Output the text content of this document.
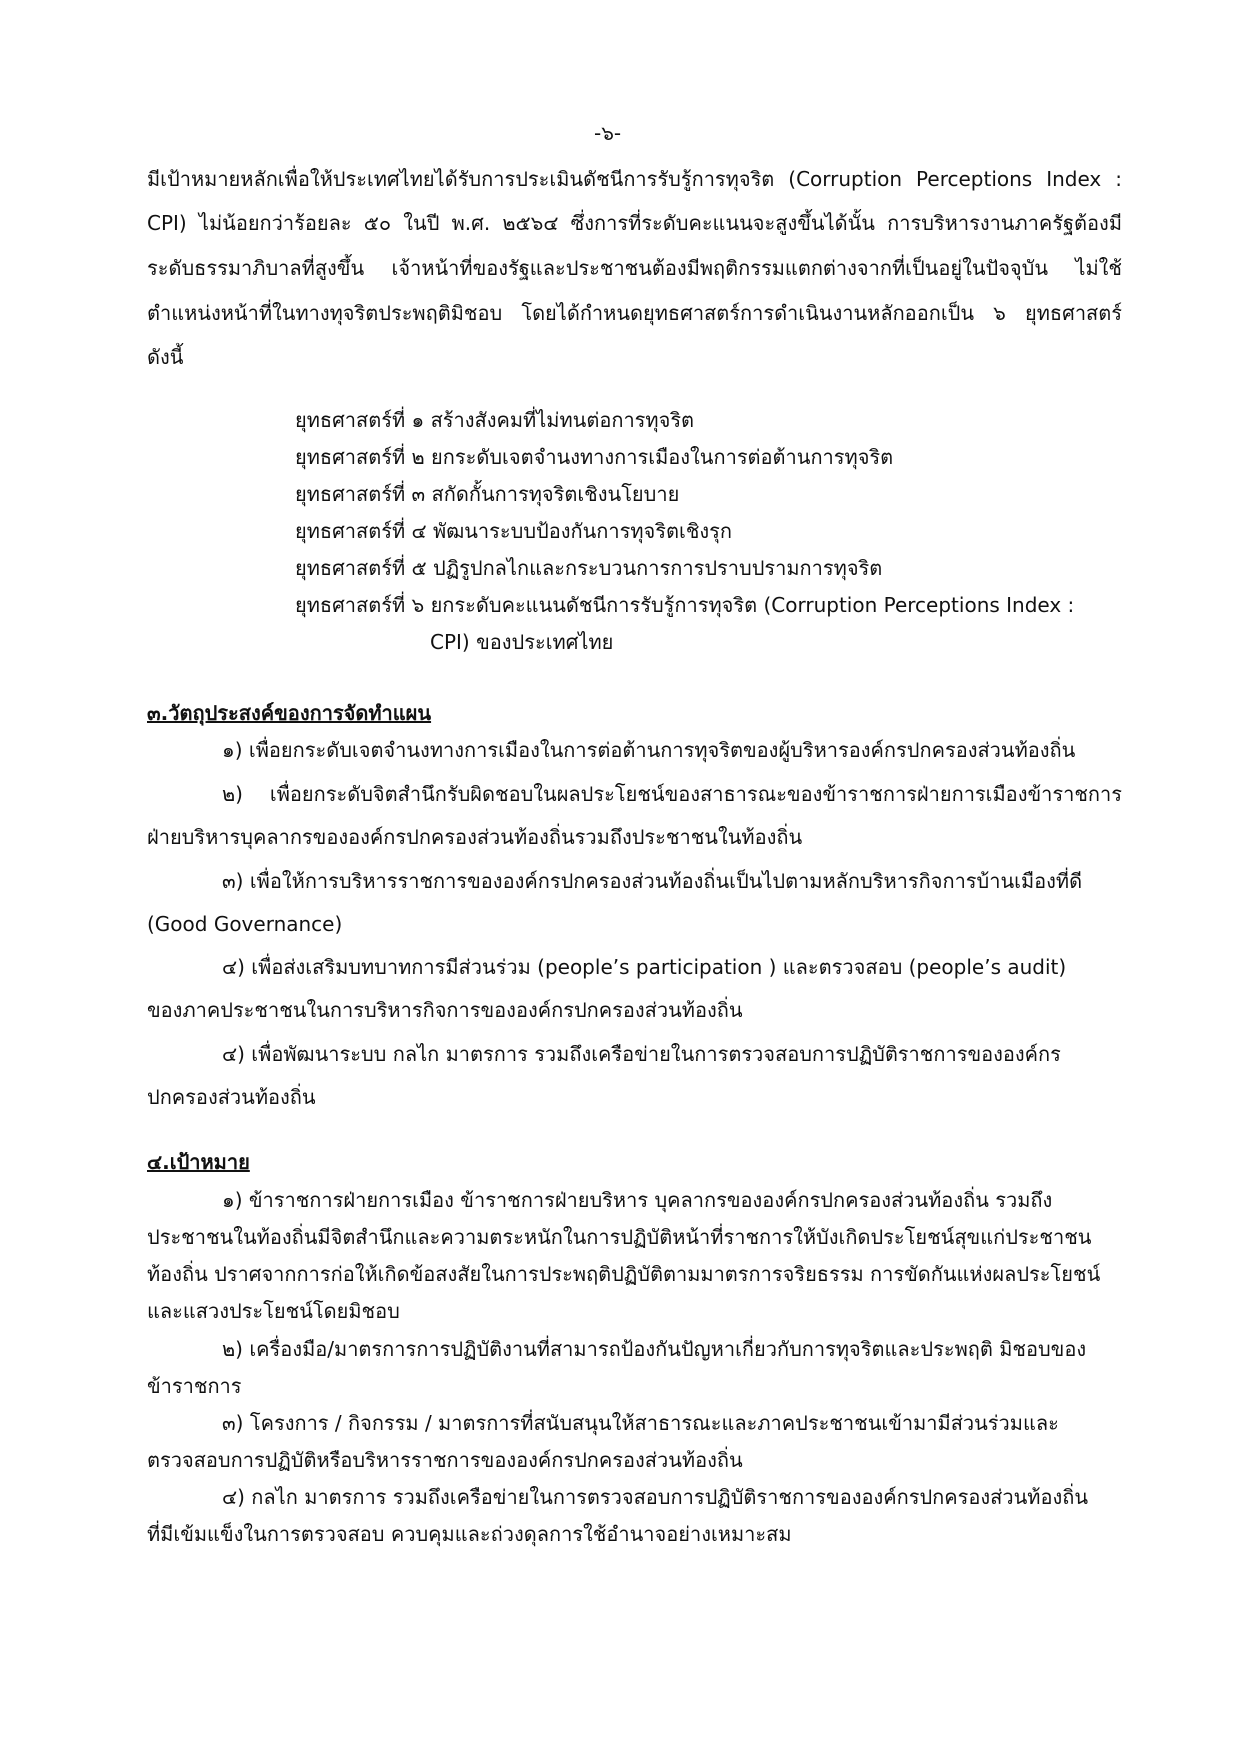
-๖-
มีเป้าหมายหลักเพื่อให้ประเทศไทยได้รับการประเมินดัชนีการรับรู้การทุจริต (Corruption Perceptions Index :
CPI) ไม่น้อยกว่าร้อยละ ๕๐ ในปี พ.ศ. ๒๕๖๔ ซึ่งการที่ระดับคะแนนจะสูงขึ้นได้นั้น การบริหารงานภาครัฐต้องมี
ระดับธรรมาภิบาลที่สูงขึ้น เจ้าหน้าที่ของรัฐและประชาชนต้องมีพฤติกรรมแตกต่างจากที่เป็นอยู่ในปัจจุบัน ไม่ใช้
ตำแหน่งหน้าที่ในทางทุจริตประพฤติมิชอบ โดยได้กำหนดยุทธศาสตร์การดำเนินงานหลักออกเป็น ๖ ยุทธศาสตร์
ดังนี้
ยุทธศาสตร์ที่ ๑ สร้างสังคมที่ไม่ทนต่อการทุจริต
ยุทธศาสตร์ที่ ๒ ยกระดับเจตจำนงทางการเมืองในการต่อต้านการทุจริต
ยุทธศาสตร์ที่ ๓ สกัดกั้นการทุจริตเชิงนโยบาย
ยุทธศาสตร์ที่ ๔ พัฒนาระบบป้องกันการทุจริตเชิงรุก
ยุทธศาสตร์ที่ ๕ ปฏิรูปกลไกและกระบวนการการปราบปรามการทุจริต
ยุทธศาสตร์ที่ ๖ ยกระดับคะแนนดัชนีการรับรู้การทุจริต (Corruption Perceptions Index :
CPI) ของประเทศไทย
๓.วัตถุประสงค์ของการจัดทำแผน
๑) เพื่อยกระดับเจตจำนงทางการเมืองในการต่อต้านการทุจริตของผู้บริหารองค์กรปกครองส่วนท้องถิ่น
๒) เพื่อยกระดับจิตสำนึกรับผิดชอบในผลประโยชน์ของสาธารณะของข้าราชการฝ่ายการเมืองข้าราชการ
ฝ่ายบริหารบุคลากรขององค์กรปกครองส่วนท้องถิ่นรวมถึงประชาชนในท้องถิ่น
๓) เพื่อให้การบริหารราชการขององค์กรปกครองส่วนท้องถิ่นเป็นไปตามหลักบริหารกิจการบ้านเมืองที่ดี
(Good Governance)
๔) เพื่อส่งเสริมบทบาทการมีส่วนร่วม (people’s participation ) และตรวจสอบ (people’s audit)
ของภาคประชาชนในการบริหารกิจการขององค์กรปกครองส่วนท้องถิ่น
๔) เพื่อพัฒนาระบบ กลไก มาตรการ รวมถึงเครือข่ายในการตรวจสอบการปฏิบัติราชการขององค์กร
ปกครองส่วนท้องถิ่น
๔.เป้าหมาย
๑) ข้าราชการฝ่ายการเมือง ข้าราชการฝ่ายบริหาร บุคลากรขององค์กรปกครองส่วนท้องถิ่น รวมถึง
ประชาชนในท้องถิ่นมีจิตสำนึกและความตระหนักในการปฏิบัติหน้าที่ราชการให้บังเกิดประโยชน์สุขแก่ประชาชน
ท้องถิ่น ปราศจากการก่อให้เกิดข้อสงสัยในการประพฤติปฏิบัติตามมาตรการจริยธรรม การขัดกันแห่งผลประโยชน์
และแสวงประโยชน์โดยมิชอบ
๒) เครื่องมือ/มาตรการการปฏิบัติงานที่สามารถป้องกันปัญหาเกี่ยวกับการทุจริตและประพฤติ มิชอบของ
ข้าราชการ
๓) โครงการ / กิจกรรม / มาตรการที่สนับสนุนให้สาธารณะและภาคประชาชนเข้ามามีส่วนร่วมและ
ตรวจสอบการปฏิบัติหรือบริหารราชการขององค์กรปกครองส่วนท้องถิ่น
๔) กลไก มาตรการ รวมถึงเครือข่ายในการตรวจสอบการปฏิบัติราชการขององค์กรปกครองส่วนท้องถิ่น
ที่มีเข้มแข็งในการตรวจสอบ ควบคุมและถ่วงดุลการใช้อำนาจอย่างเหมาะสม
